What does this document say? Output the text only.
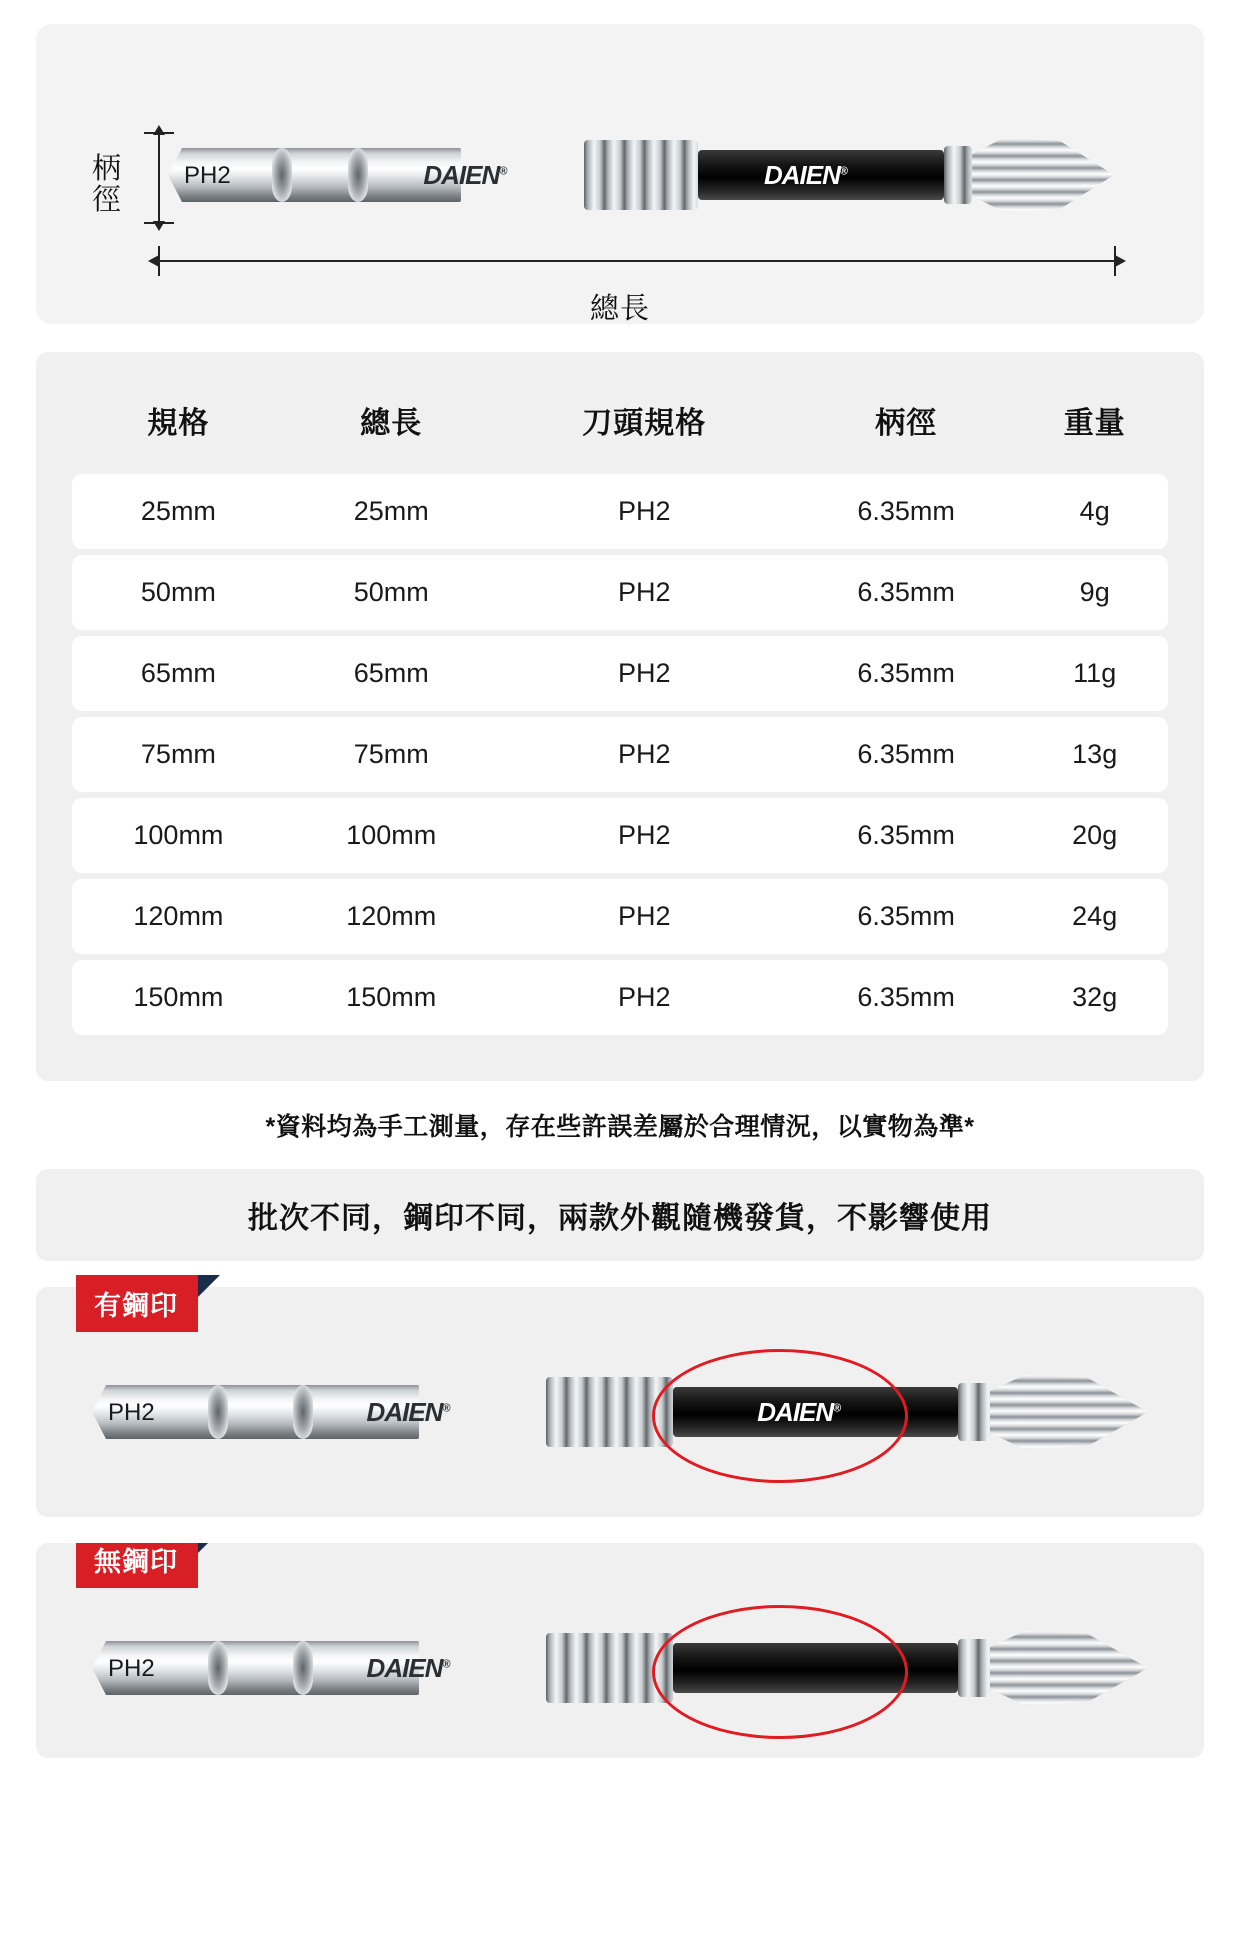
柄
徑
PH2	DAIEN®	DAIEN®
總長
規格	總長	刀頭規格	柄徑	重量
25mm	25mm	PH2	6.35mm	4g
50mm	50mm	PH2	6.35mm	9g
65mm	65mm	PH2	6.35mm	11g
75mm	75mm	PH2	6.35mm	13g
100mm	100mm	PH2	6.35mm	20g
120mm	120mm	PH2	6.35mm	24g
150mm	150mm	PH2	6.35mm	32g
*資料均為手工測量，存在些許誤差屬於合理情況，以實物為準*
批次不同，鋼印不同，兩款外觀隨機發貨，不影響使用
有鋼印
PH2	DAIEN®	DAIEN®
無鋼印
PH2	DAIEN®
